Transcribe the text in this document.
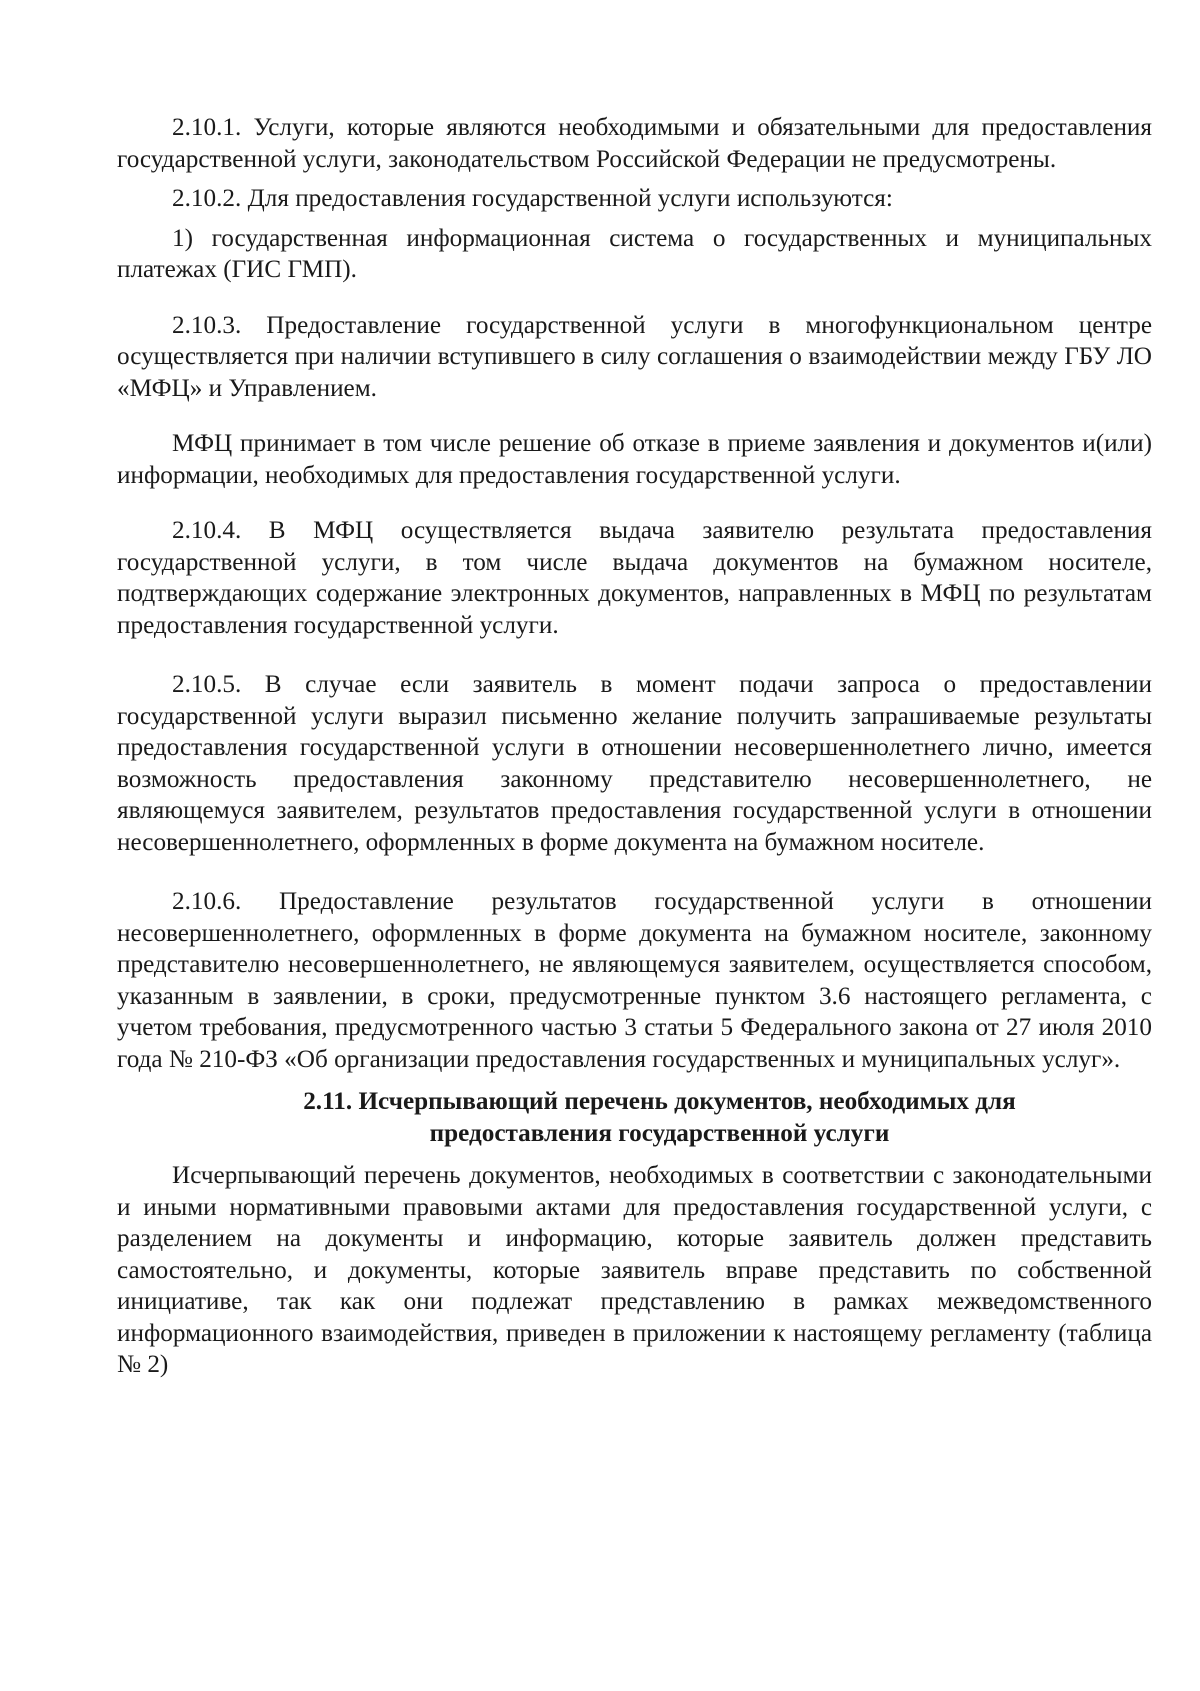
2.10.1. Услуги, которые являются необходимыми и обязательными для предоставления государственной услуги, законодательством Российской Федерации не предусмотрены.

2.10.2. Для предоставления государственной услуги используются:

1) государственная информационная система о государственных и муниципальных платежах (ГИС ГМП).

2.10.3. Предоставление государственной услуги в многофункциональном центре осуществляется при наличии вступившего в силу соглашения о взаимодействии между ГБУ ЛО «МФЦ» и Управлением.

МФЦ принимает в том числе решение об отказе в приеме заявления и документов и(или) информации, необходимых для предоставления государственной услуги.

2.10.4. В МФЦ осуществляется выдача заявителю результата предоставления государственной услуги, в том числе выдача документов на бумажном носителе, подтверждающих содержание электронных документов, направленных в МФЦ по результатам предоставления государственной услуги.

2.10.5. В случае если заявитель в момент подачи запроса о предоставлении государственной услуги выразил письменно желание получить запрашиваемые результаты предоставления государственной услуги в отношении несовершеннолетнего лично, имеется возможность предоставления законному представителю несовершеннолетнего, не являющемуся заявителем, результатов предоставления государственной услуги в отношении несовершеннолетнего, оформленных в форме документа на бумажном носителе.

2.10.6. Предоставление результатов государственной услуги в отношении несовершеннолетнего, оформленных в форме документа на бумажном носителе, законному представителю несовершеннолетнего, не являющемуся заявителем, осуществляется способом, указанным в заявлении, в сроки, предусмотренные пунктом 3.6 настоящего регламента, с учетом требования, предусмотренного частью 3 статьи 5 Федерального закона от 27 июля 2010 года № 210-ФЗ «Об организации предоставления государственных и муниципальных услуг».

2.11. Исчерпывающий перечень документов, необходимых для предоставления государственной услуги

Исчерпывающий перечень документов, необходимых в соответствии с законодательными и иными нормативными правовыми актами для предоставления государственной услуги, с разделением на документы и информацию, которые заявитель должен представить самостоятельно, и документы, которые заявитель вправе представить по собственной инициативе, так как они подлежат представлению в рамках межведомственного информационного взаимодействия, приведен в приложении к настоящему регламенту (таблица № 2)
